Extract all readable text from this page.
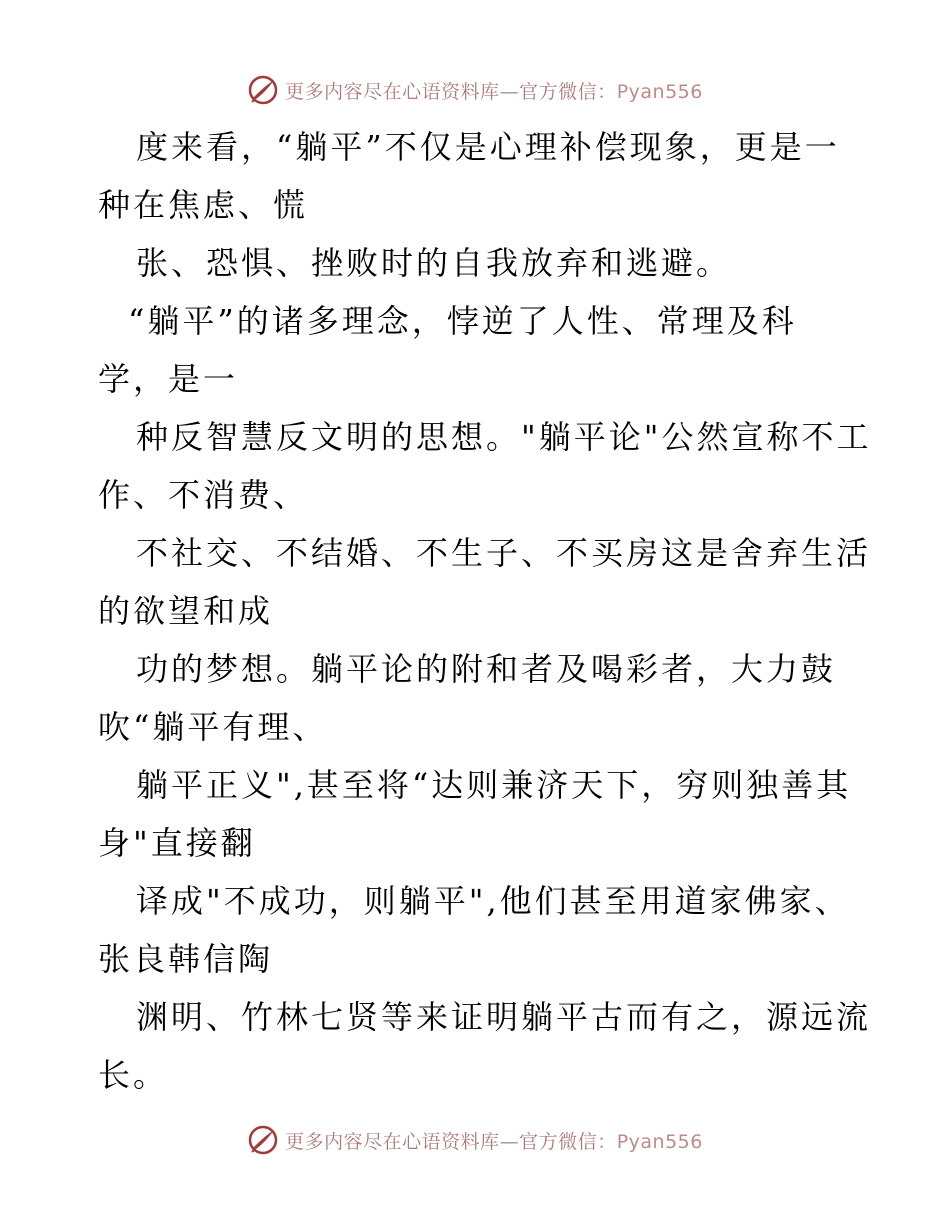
更多内容尽在心语资料库—官方微信：Pyan556
度来看，“躺平”不仅是心理补偿现象，更是一
种在焦虑、慌
张、恐惧、挫败时的自我放弃和逃避。
“躺平”的诸多理念，悖逆了人性、常理及科
学，是一
种反智慧反文明的思想。"躺平论"公然宣称不工
作、不消费、
不社交、不结婚、不生子、不买房这是舍弃生活
的欲望和成
功的梦想。躺平论的附和者及喝彩者，大力鼓
吹“躺平有理、
躺平正义",甚至将“达则兼济天下，穷则独善其
身"直接翻
译成"不成功，则躺平",他们甚至用道家佛家、
张良韩信陶
渊明、竹林七贤等来证明躺平古而有之，源远流
长。
更多内容尽在心语资料库—官方微信：Pyan556
